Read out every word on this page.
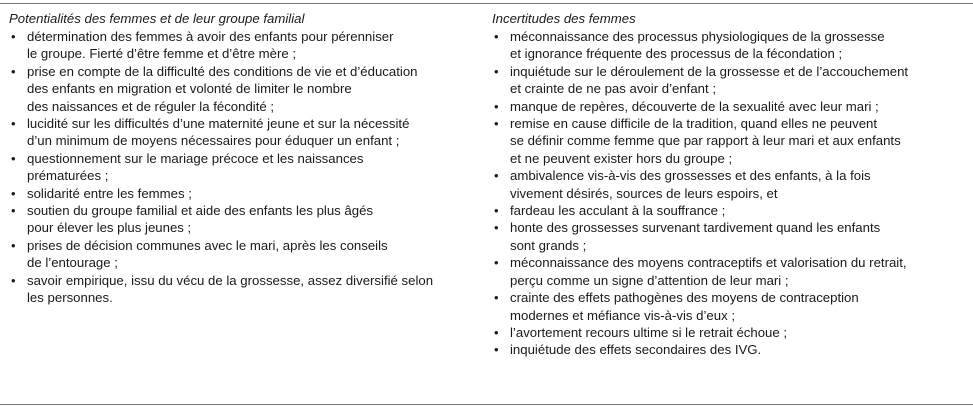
Potentialités des femmes et de leur groupe familial
• détermination des femmes à avoir des enfants pour pérenniser
le groupe. Fierté d’être femme et d’être mère ;
• prise en compte de la difficulté des conditions de vie et d’éducation
des enfants en migration et volonté de limiter le nombre
des naissances et de réguler la fécondité ;
• lucidité sur les difficultés d’une maternité jeune et sur la nécessité
d’un minimum de moyens nécessaires pour éduquer un enfant ;
• questionnement sur le mariage précoce et les naissances
prématurées ;
• solidarité entre les femmes ;
• soutien du groupe familial et aide des enfants les plus âgés
pour élever les plus jeunes ;
• prises de décision communes avec le mari, après les conseils
de l’entourage ;
• savoir empirique, issu du vécu de la grossesse, assez diversifié selon
les personnes.
Incertitudes des femmes
• méconnaissance des processus physiologiques de la grossesse
et ignorance fréquente des processus de la fécondation ;
• inquiétude sur le déroulement de la grossesse et de l’accouchement
et crainte de ne pas avoir d’enfant ;
• manque de repères, découverte de la sexualité avec leur mari ;
• remise en cause difficile de la tradition, quand elles ne peuvent
se définir comme femme que par rapport à leur mari et aux enfants
et ne peuvent exister hors du groupe ;
• ambivalence vis-à-vis des grossesses et des enfants, à la fois
vivement désirés, sources de leurs espoirs, et
• fardeau les acculant à la souffrance ;
• honte des grossesses survenant tardivement quand les enfants
sont grands ;
• méconnaissance des moyens contraceptifs et valorisation du retrait,
perçu comme un signe d’attention de leur mari ;
• crainte des effets pathogènes des moyens de contraception
modernes et méfiance vis-à-vis d’eux ;
• l’avortement recours ultime si le retrait échoue ;
• inquiétude des effets secondaires des IVG.
